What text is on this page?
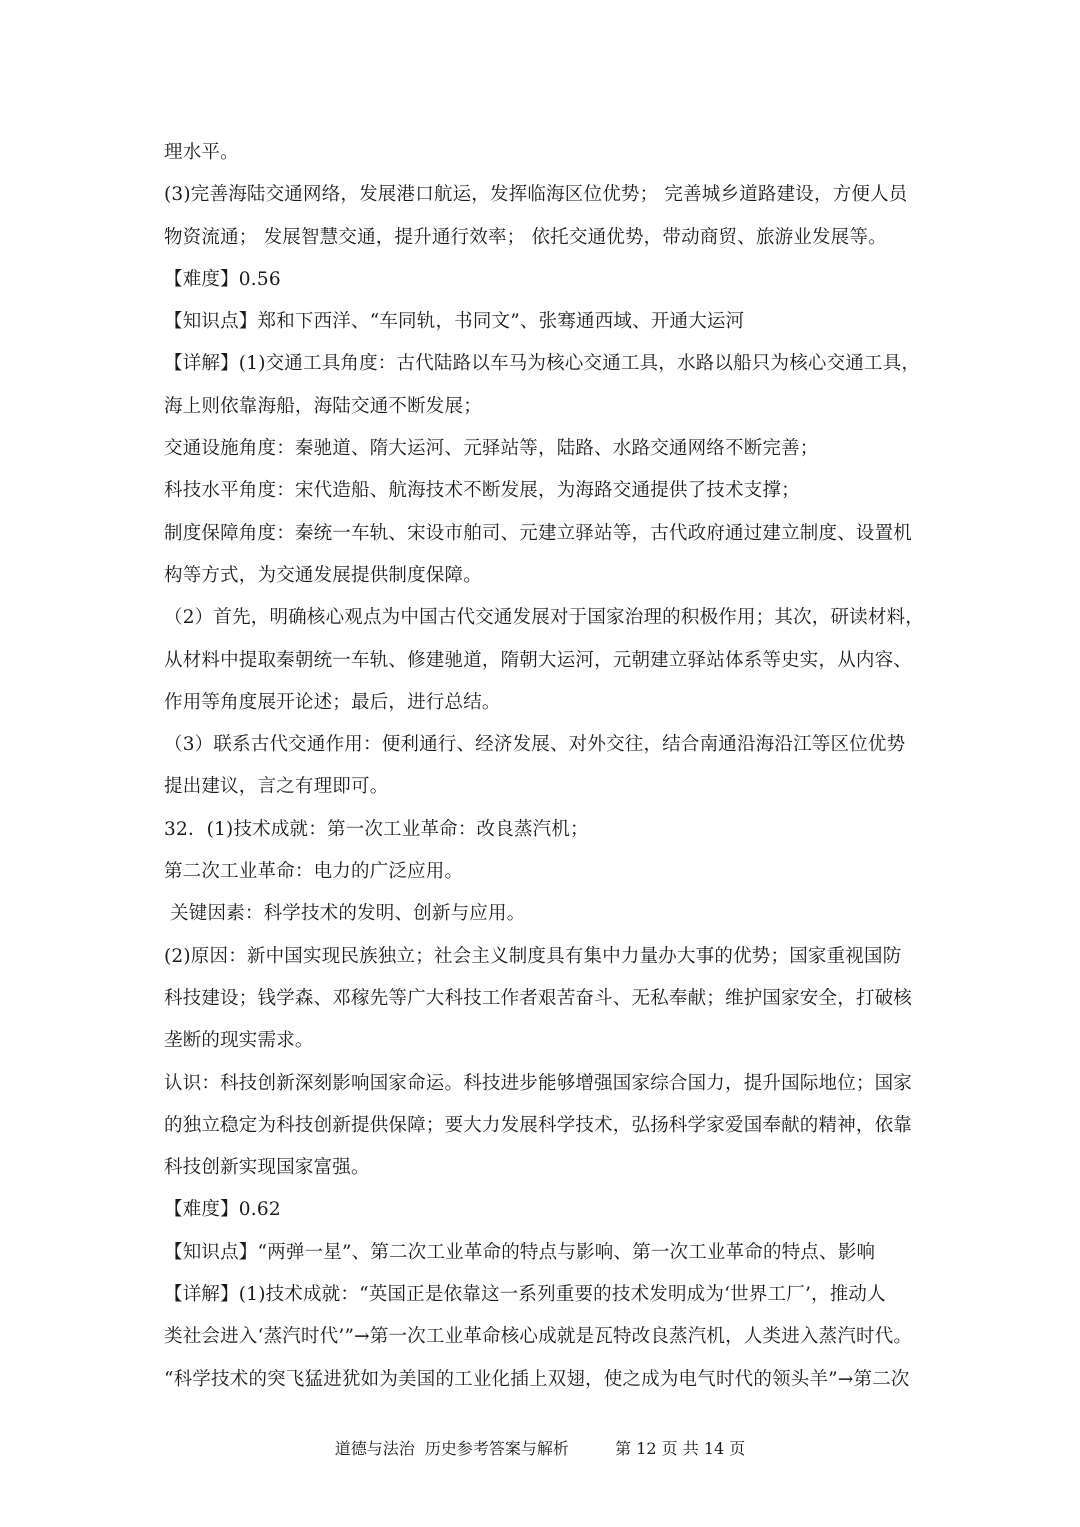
理水平。
(3)完善海陆交通网络，发展港口航运，发挥临海区位优势； 完善城乡道路建设，方便人员
物资流通； 发展智慧交通，提升通行效率； 依托交通优势，带动商贸、旅游业发展等。
【难度】0.56
【知识点】郑和下西洋、“车同轨，书同文”、张骞通西域、开通大运河
【详解】(1)交通工具角度：古代陆路以车马为核心交通工具，水路以船只为核心交通工具，
海上则依靠海船，海陆交通不断发展；
交通设施角度：秦驰道、隋大运河、元驿站等，陆路、水路交通网络不断完善；
科技水平角度：宋代造船、航海技术不断发展，为海路交通提供了技术支撑；
制度保障角度：秦统一车轨、宋设市舶司、元建立驿站等，古代政府通过建立制度、设置机
构等方式，为交通发展提供制度保障。
（2）首先，明确核心观点为中国古代交通发展对于国家治理的积极作用；其次，研读材料，
从材料中提取秦朝统一车轨、修建驰道，隋朝大运河，元朝建立驿站体系等史实，从内容、
作用等角度展开论述；最后，进行总结。
（3）联系古代交通作用：便利通行、经济发展、对外交往，结合南通沿海沿江等区位优势
提出建议，言之有理即可。
32．(1)技术成就：第一次工业革命：改良蒸汽机；
第二次工业革命：电力的广泛应用。
关键因素：科学技术的发明、创新与应用。
(2)原因：新中国实现民族独立；社会主义制度具有集中力量办大事的优势；国家重视国防
科技建设；钱学森、邓稼先等广大科技工作者艰苦奋斗、无私奉献；维护国家安全，打破核
垄断的现实需求。
认识：科技创新深刻影响国家命运。科技进步能够增强国家综合国力，提升国际地位；国家
的独立稳定为科技创新提供保障；要大力发展科学技术，弘扬科学家爱国奉献的精神，依靠
科技创新实现国家富强。
【难度】0.62
【知识点】“两弹一星”、第二次工业革命的特点与影响、第一次工业革命的特点、影响
【详解】(1)技术成就：“英国正是依靠这一系列重要的技术发明成为‘世界工厂’，推动人
类社会进入‘蒸汽时代’”→第一次工业革命核心成就是瓦特改良蒸汽机，人类进入蒸汽时代。
“科学技术的突飞猛进犹如为美国的工业化插上双翅，使之成为电气时代的领头羊”→第二次
道德与法治  历史参考答案与解析	第 12 页 共 14 页
